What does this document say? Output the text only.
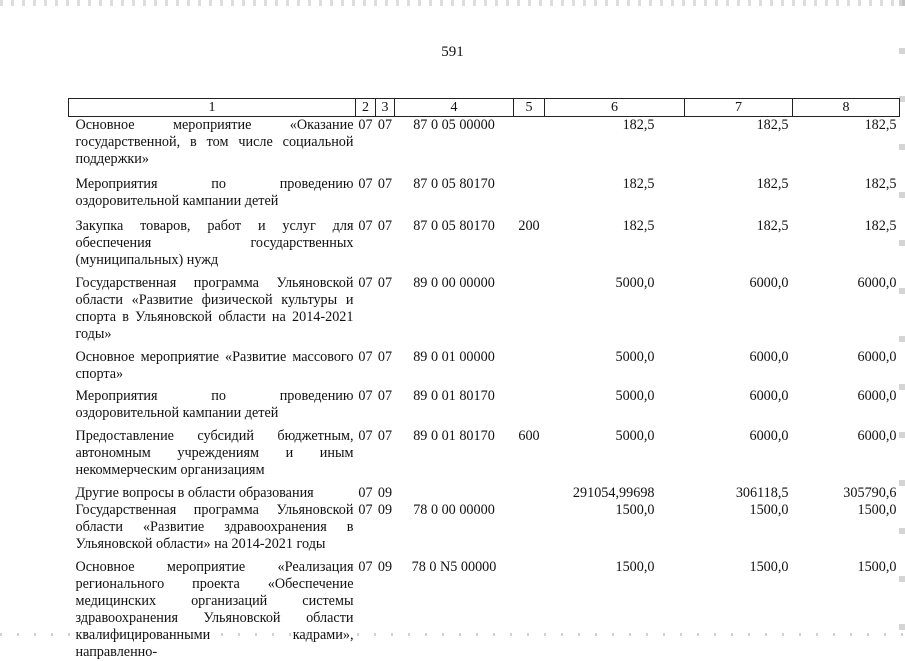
591
1	2	3	4	5	6	7	8
Основное мероприятие «Оказание государственной, в том числе социальной поддержки»	07	07	87 0 05 00000		182,5	182,5	182,5
Мероприятия по проведению оздоровительной кампании детей	07	07	87 0 05 80170		182,5	182,5	182,5
Закупка товаров, работ и услуг для обеспечения государственных (муниципальных) нужд	07	07	87 0 05 80170	200	182,5	182,5	182,5
Государственная программа Ульяновской области «Развитие физической культуры и спорта в Ульяновской области на 2014-2021 годы»	07	07	89 0 00 00000		5000,0	6000,0	6000,0
Основное мероприятие «Развитие массового спорта»	07	07	89 0 01 00000		5000,0	6000,0	6000,0
Мероприятия по проведению оздоровительной кампании детей	07	07	89 0 01 80170		5000,0	6000,0	6000,0
Предоставление субсидий бюджетным, автономным учреждениям и иным некоммерческим организациям	07	07	89 0 01 80170	600	5000,0	6000,0	6000,0
Другие вопросы в области образования	07	09			291054,99698	306118,5	305790,6
Государственная программа Ульяновской области «Развитие здравоохранения в Ульяновской области» на 2014-2021 годы	07	09	78 0 00 00000		1500,0	1500,0	1500,0
Основное мероприятие «Реализация регионального проекта «Обеспечение медицинских организаций системы здравоохранения Ульяновской области квалифицированными кадрами», направленно-	07	09	78 0 N5 00000		1500,0	1500,0	1500,0
